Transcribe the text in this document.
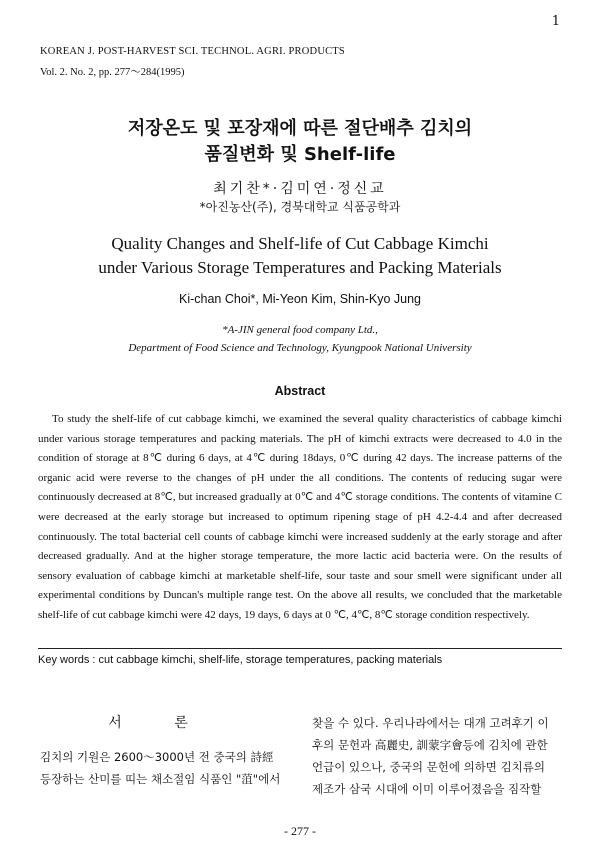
1
KOREAN J. POST-HARVEST SCI. TECHNOL. AGRI. PRODUCTS
Vol. 2. No. 2, pp. 277～284(1995)
저장온도 및 포장재에 따른 절단배추 김치의
품질변화 및 Shelf-life
최기찬*·김미연·정신교
*아진농산(주), 경북대학교 식품공학과
Quality Changes and Shelf-life of Cut Cabbage Kimchi
under Various Storage Temperatures and Packing Materials
Ki-chan Choi*, Mi-Yeon Kim, Shin-Kyo Jung
*A-JIN general food company Ltd.,
Department of Food Science and Technology, Kyungpook National University
Abstract
To study the shelf-life of cut cabbage kimchi, we examined the several quality characteristics of cabbage kimchi under various storage temperatures and packing materials. The pH of kimchi extracts were decreased to 4.0 in the condition of storage at 8℃ during 6 days, at 4℃ during 18days, 0℃ during 42 days. The increase patterns of the organic acid were reverse to the changes of pH under the all conditions. The contents of reducing sugar were continuously decreased at 8℃, but increased gradually at 0℃ and 4℃ storage conditions. The contents of vitamine C were decreased at the early storage but increased to optimum ripening stage of pH 4.2-4.4 and after decreased continuously. The total bacterial cell counts of cabbage kimchi were increased suddenly at the early storage and after decreased gradually. And at the higher storage temperature, the more lactic acid bacteria were. On the results of sensory evaluation of cabbage kimchi at marketable shelf-life, sour taste and sour smell were significant under all experimental conditions by Duncan's multiple range test. On the above all results, we concluded that the marketable shelf-life of cut cabbage kimchi were 42 days, 19 days, 6 days at 0 ℃, 4℃, 8℃ storage condition respectively.
Key words : cut cabbage kimchi, shelf-life, storage temperatures, packing materials
서 론
김치의 기원은 2600～3000년 전 중국의 詩經
등장하는 산미를 띠는 채소절임 식품인 "菹"에서
찾을 수 있다. 우리나라에서는 대개 고려후기 이
후의 문헌과 高麗史, 訓蒙字會등에 김치에 관한
언급이 있으나, 중국의 문헌에 의하면 김치류의
제조가 삼국 시대에 이미 이루어졌음을 짐작할
- 277 -
